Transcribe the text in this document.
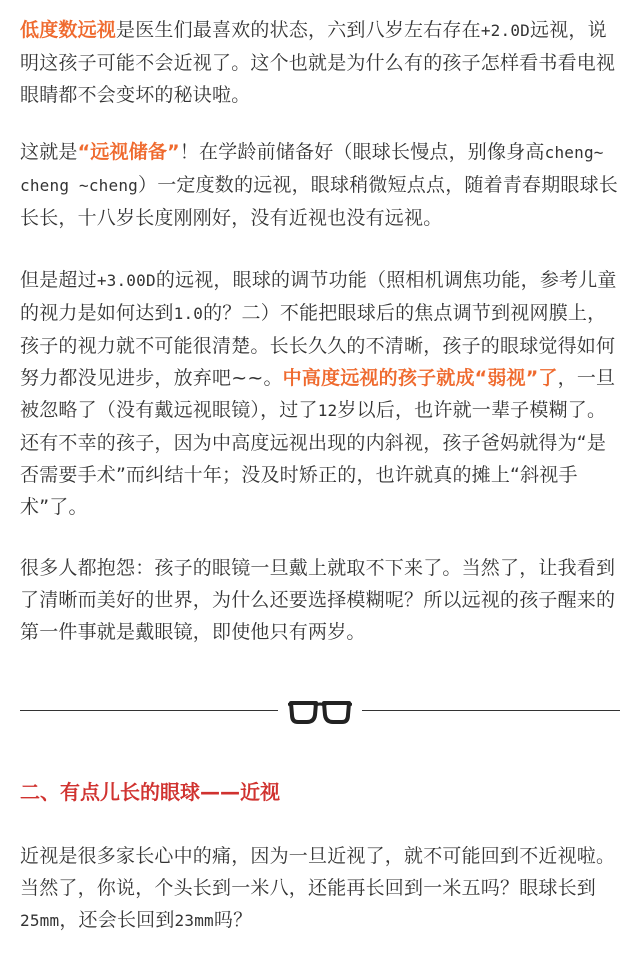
低度数远视是医生们最喜欢的状态，六到八岁左右存在+2.0D远视，说明这孩子可能不会近视了。这个也就是为什么有的孩子怎样看书看电视眼睛都不会变坏的秘诀啦。

这就是“远视储备”！在学龄前储备好（眼球长慢点，别像身高cheng~ cheng ~cheng）一定度数的远视，眼球稍微短点点，随着青春期眼球长长长，十八岁长度刚刚好，没有近视也没有远视。

但是超过+3.00D的远视，眼球的调节功能（照相机调焦功能，参考儿童的视力是如何达到1.0的？二）不能把眼球后的焦点调节到视网膜上，孩子的视力就不可能很清楚。长长久久的不清晰，孩子的眼球觉得如何努力都没见进步，放弃吧~~。中高度远视的孩子就成“弱视”了，一旦被忽略了（没有戴远视眼镜），过了12岁以后，也许就一辈子模糊了。还有不幸的孩子，因为中高度远视出现的内斜视，孩子爸妈就得为“是否需要手术”而纠结十年；没及时矫正的，也许就真的摊上“斜视手术”了。

很多人都抱怨：孩子的眼镜一旦戴上就取不下来了。当然了，让我看到了清晰而美好的世界，为什么还要选择模糊呢？所以远视的孩子醒来的第一件事就是戴眼镜，即使他只有两岁。

二、有点儿长的眼球——近视

近视是很多家长心中的痛，因为一旦近视了，就不可能回到不近视啦。当然了，你说，个头长到一米八，还能再长回到一米五吗？眼球长到25mm，还会长回到23mm吗？
